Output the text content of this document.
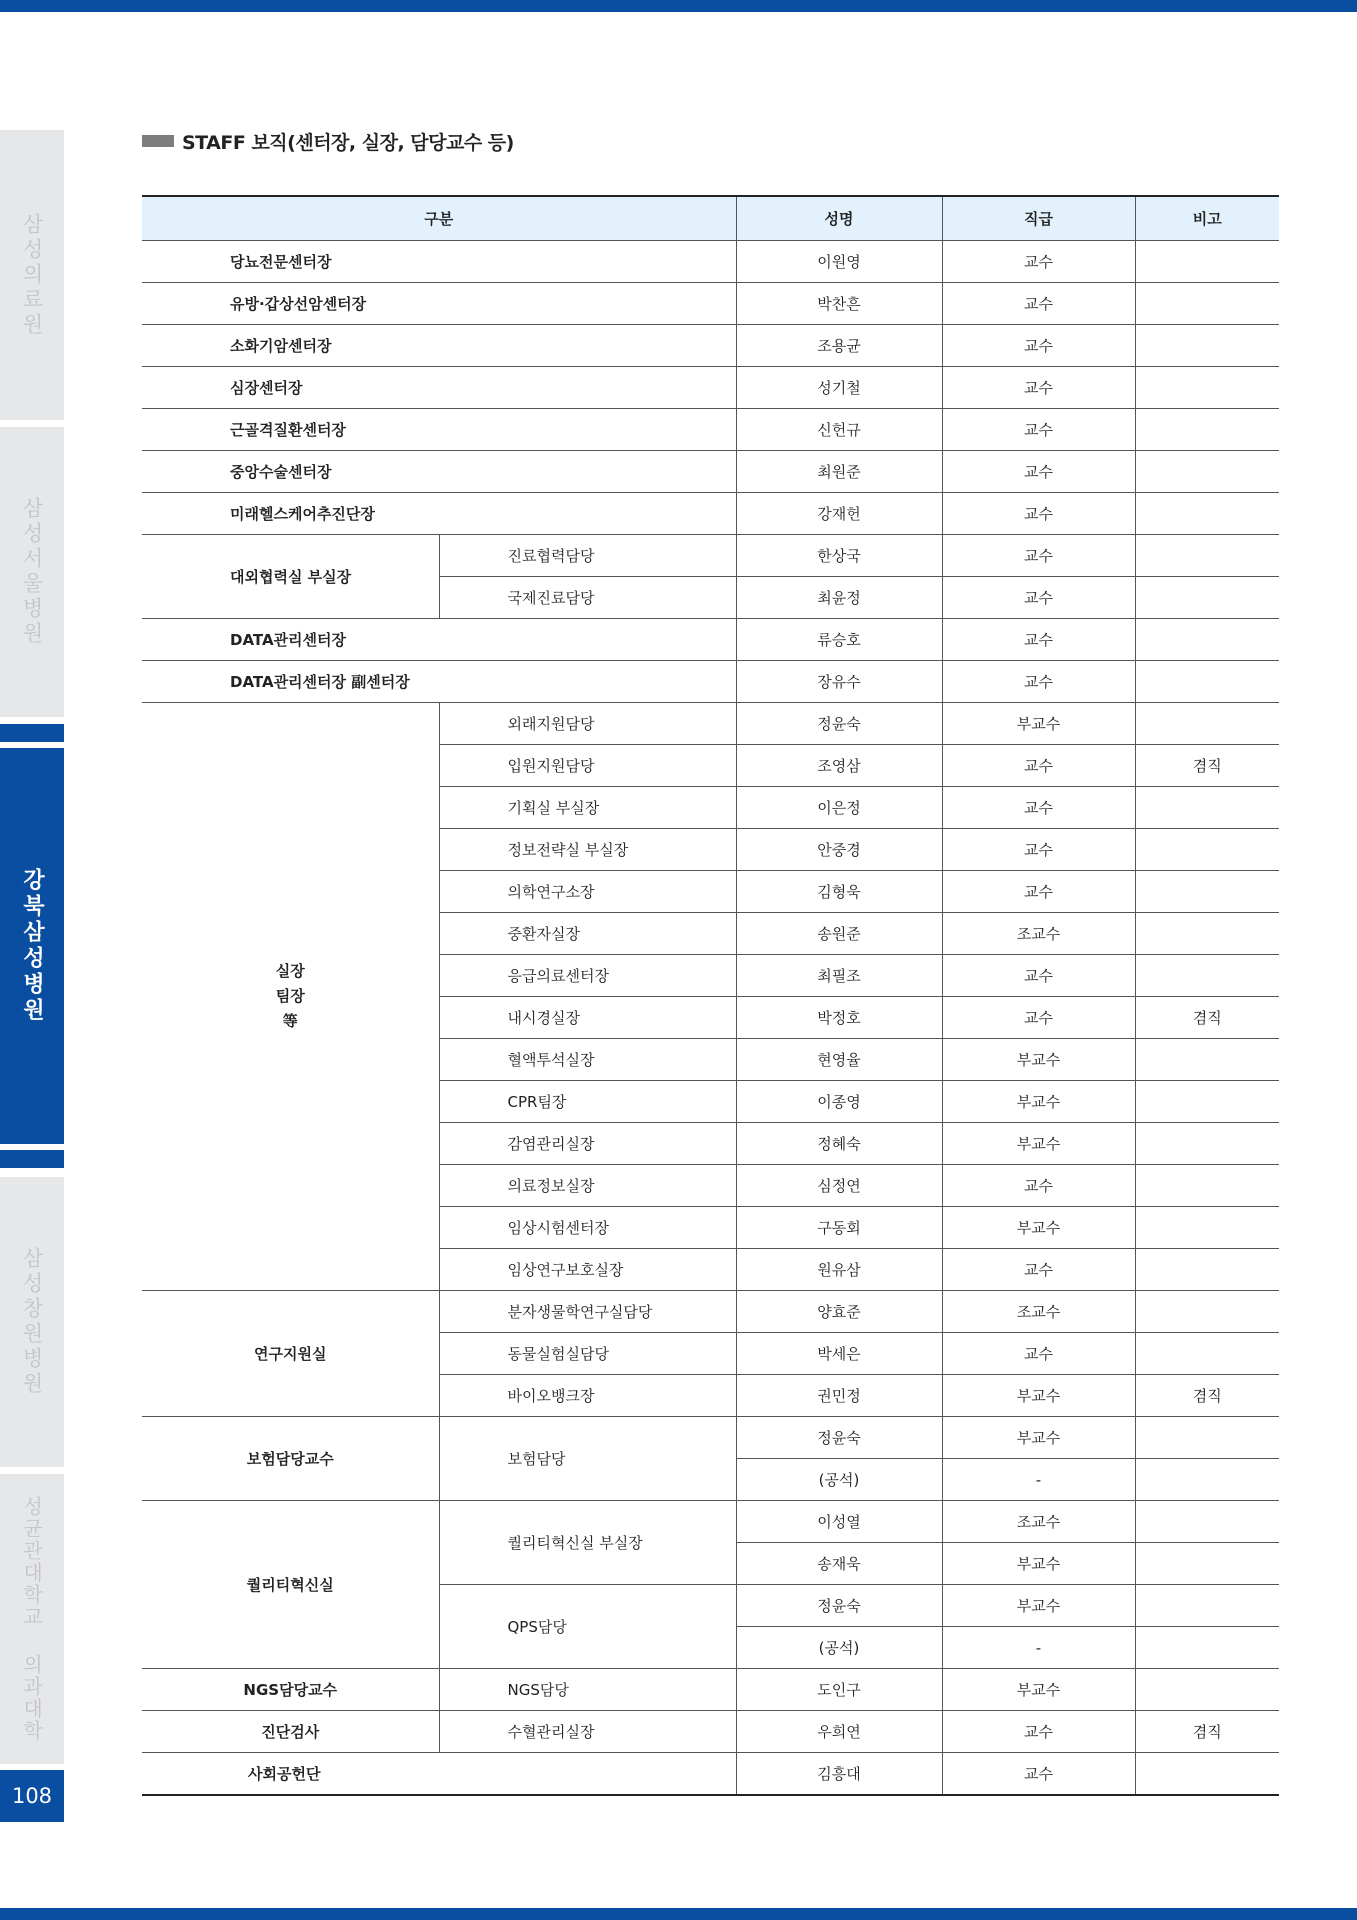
삼성의료원
삼성서울병원
강북삼성병원
삼성창원병원
성균관대학교 의과대학
108
STAFF 보직(센터장, 실장, 담당교수 등)
구분		성명	직급	비고
당뇨전문센터장		이원영	교수	
유방·갑상선암센터장		박찬흔	교수	
소화기암센터장		조용균	교수	
심장센터장		성기철	교수	
근골격질환센터장		신헌규	교수	
중앙수술센터장		최원준	교수	
미래헬스케어추진단장		강재헌	교수	
대외협력실 부실장	진료협력담당	한상국	교수	
	국제진료담당	최윤정	교수	
DATA관리센터장		류승호	교수	
DATA관리센터장 副센터장		장유수	교수	
실장
팀장
等	외래지원담당	정윤숙	부교수	
	입원지원담당	조영삼	교수	겸직
	기획실 부실장	이은정	교수	
	정보전략실 부실장	안중경	교수	
	의학연구소장	김형욱	교수	
	중환자실장	송원준	조교수	
	응급의료센터장	최필조	교수	
	내시경실장	박정호	교수	겸직
	혈액투석실장	현영율	부교수	
	CPR팀장	이종영	부교수	
	감염관리실장	정혜숙	부교수	
	의료정보실장	심정연	교수	
	임상시험센터장	구동회	부교수	
	임상연구보호실장	원유삼	교수	
연구지원실	분자생물학연구실담당	양효준	조교수	
	동물실험실담당	박세은	교수	
	바이오뱅크장	권민정	부교수	겸직
보험담당교수	보험담당	정윤숙	부교수	
		(공석)	-	
퀄리티혁신실	퀄리티혁신실 부실장	이성열	조교수	
		송재욱	부교수	
	QPS담당	정윤숙	부교수	
		(공석)	-	
NGS담당교수	NGS담당	도인구	부교수	
진단검사	수혈관리실장	우희연	교수	겸직
사회공헌단		김흥대	교수	
